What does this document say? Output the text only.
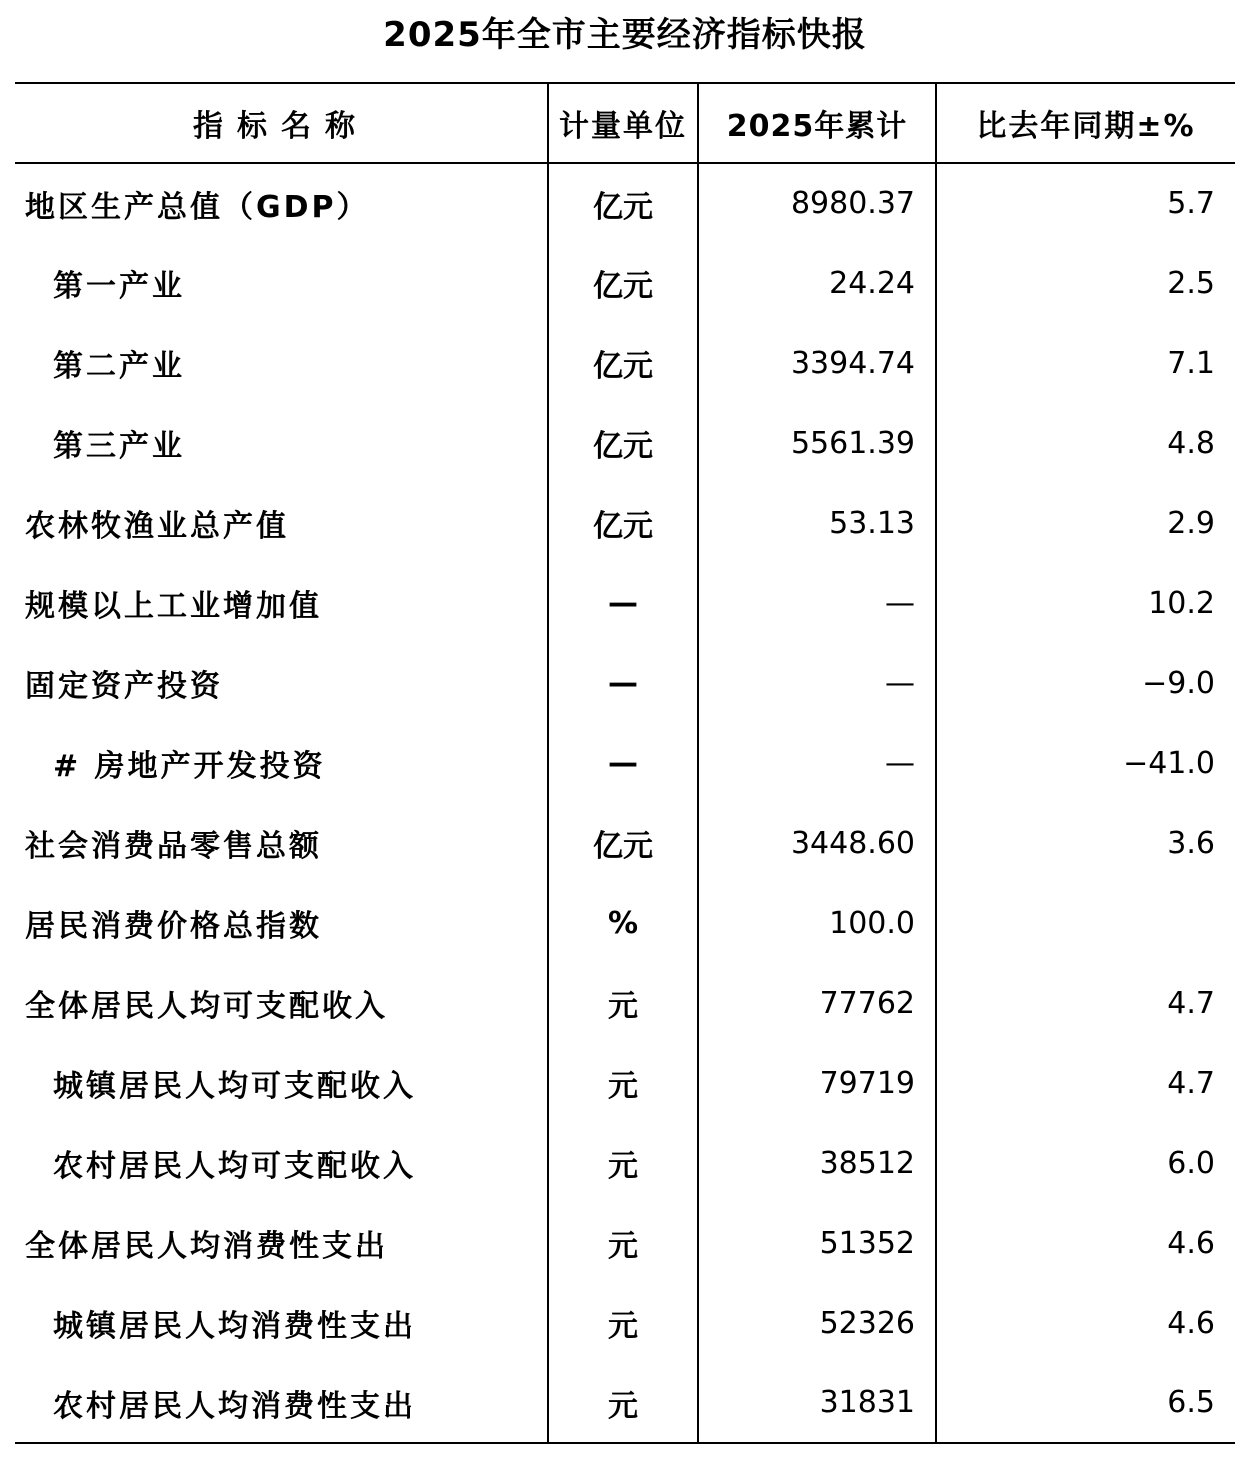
2025年全市主要经济指标快报
指标名称	计量单位	2025年累计	比去年同期±%
地区生产总值（GDP）	亿元	8980.37	5.7
第一产业	亿元	24.24	2.5
第二产业	亿元	3394.74	7.1
第三产业	亿元	5561.39	4.8
农林牧渔业总产值	亿元	53.13	2.9
规模以上工业增加值	—	—	10.2
固定资产投资	—	—	−9.0
# 房地产开发投资	—	—	−41.0
社会消费品零售总额	亿元	3448.60	3.6
居民消费价格总指数	%	100.0	
全体居民人均可支配收入	元	77762	4.7
城镇居民人均可支配收入	元	79719	4.7
农村居民人均可支配收入	元	38512	6.0
全体居民人均消费性支出	元	51352	4.6
城镇居民人均消费性支出	元	52326	4.6
农村居民人均消费性支出	元	31831	6.5
